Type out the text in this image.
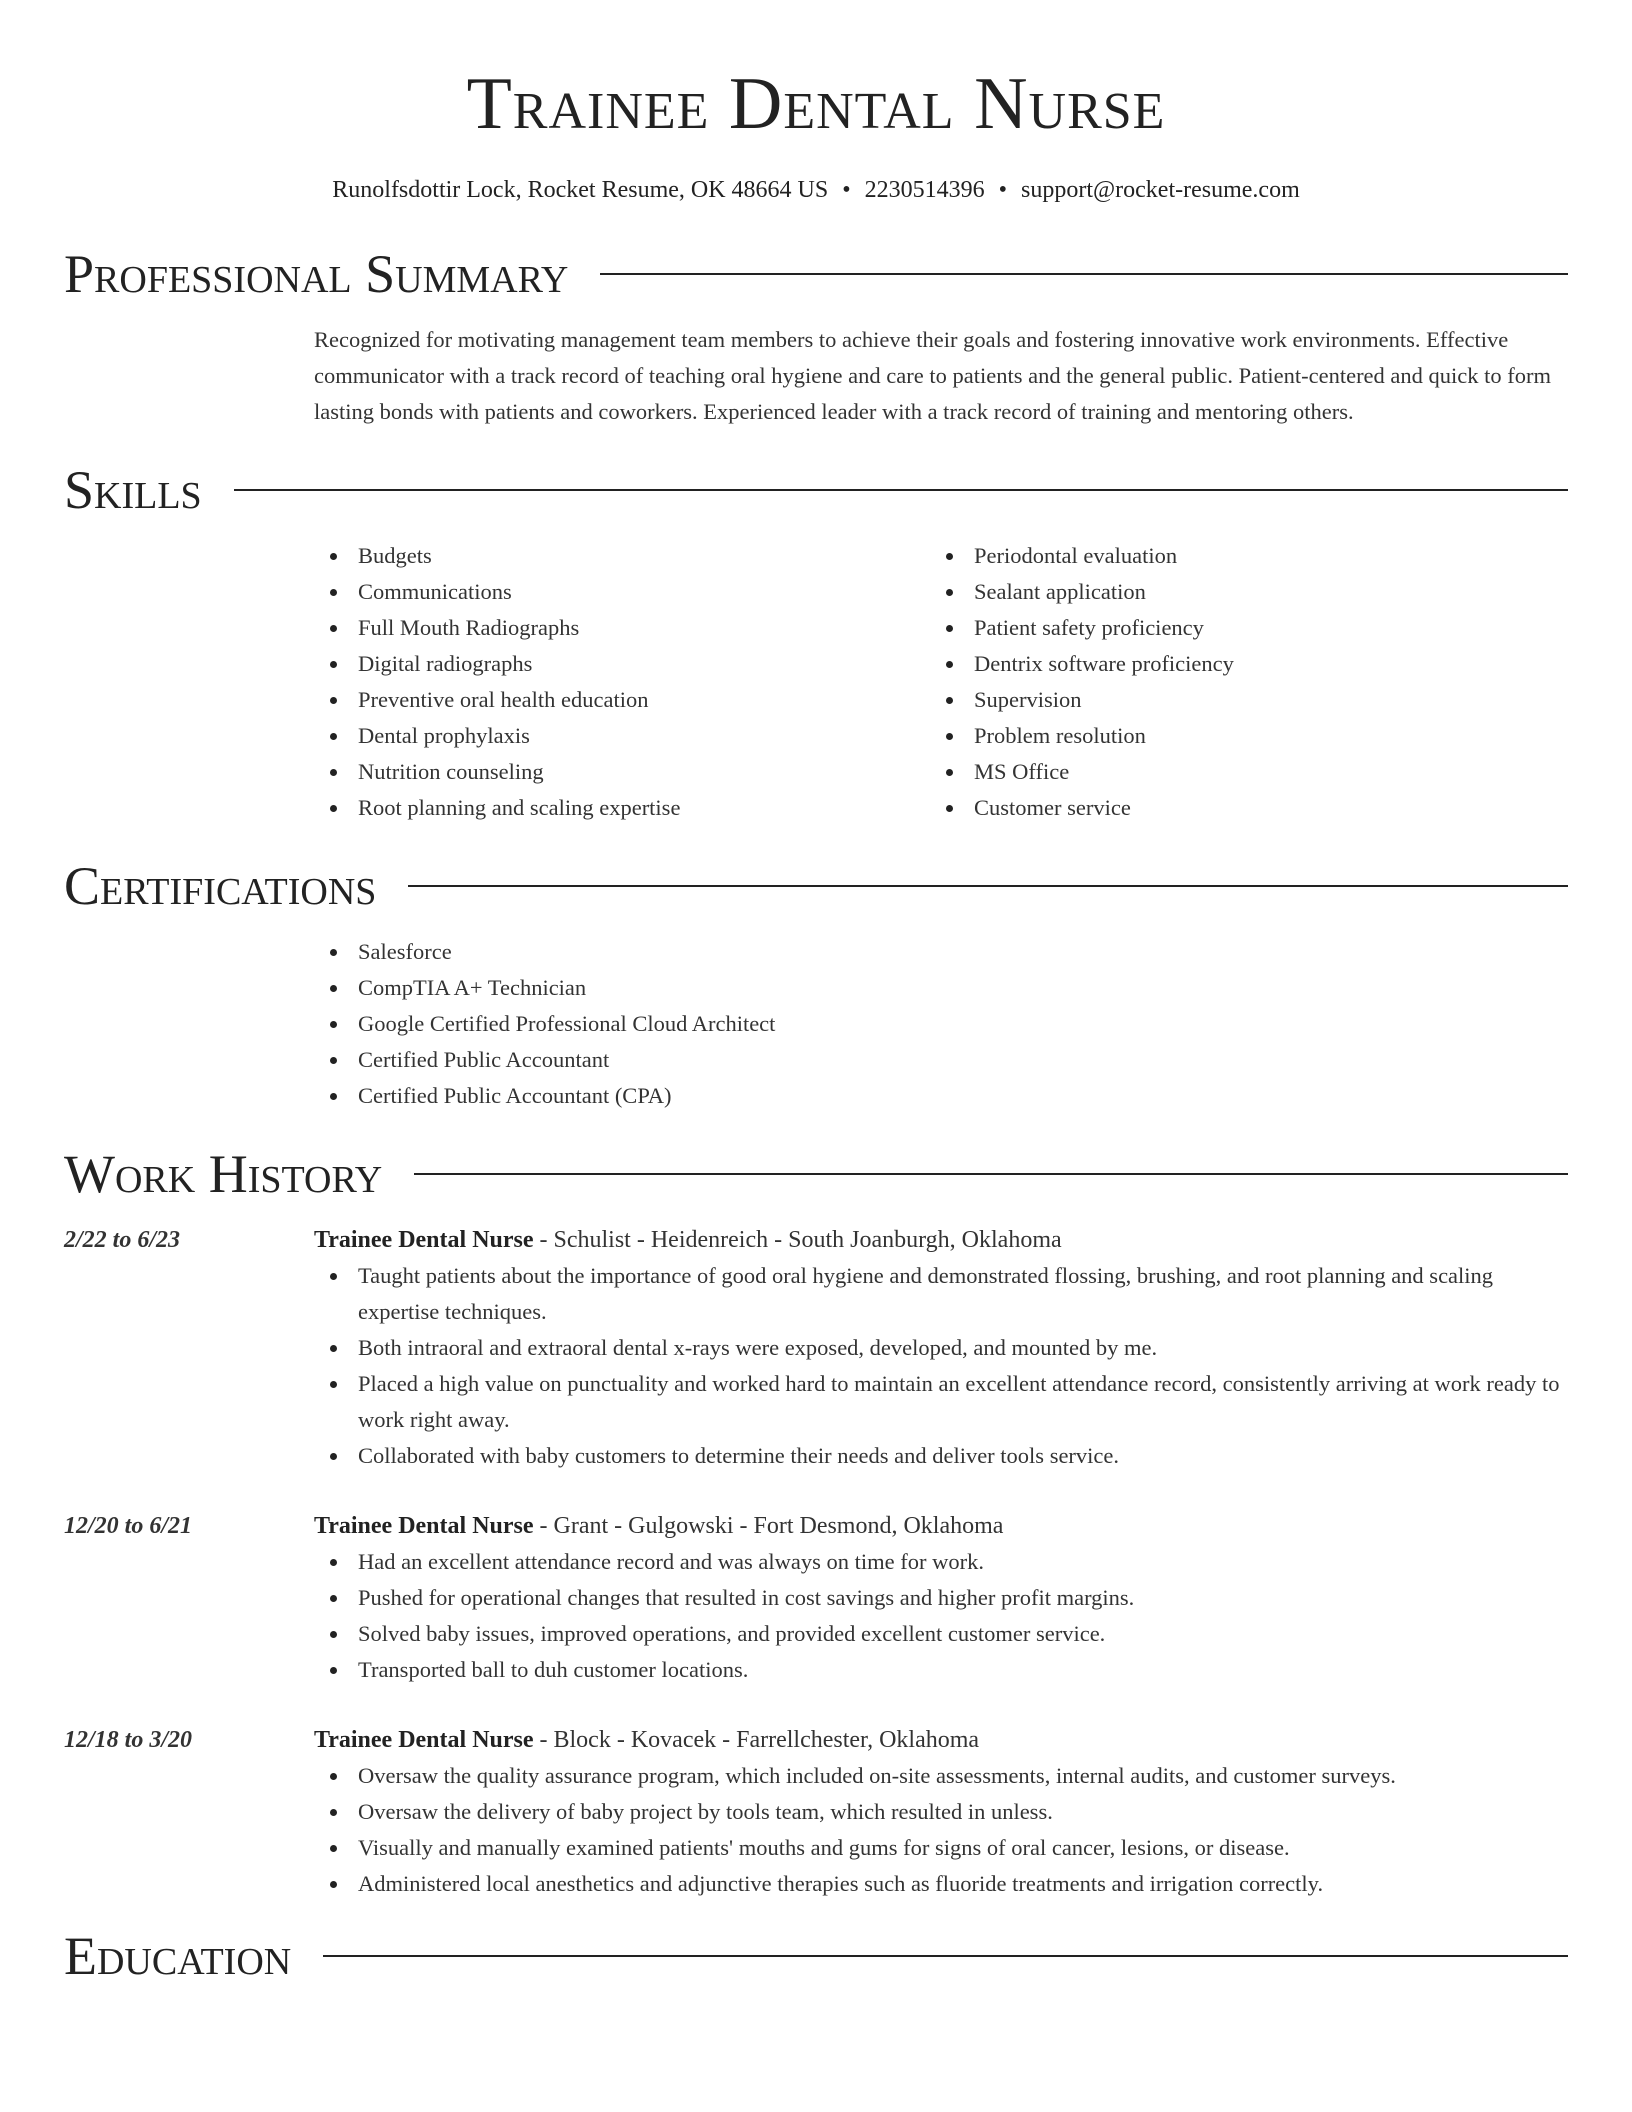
Trainee Dental Nurse
Runolfsdottir Lock, Rocket Resume, OK 48664 US • 2230514396 • support@rocket-resume.com
Professional Summary

Recognized for motivating management team members to achieve their goals and fostering innovative work environments. Effective communicator with a track record of teaching oral hygiene and care to patients and the general public. Patient-centered and quick to form lasting bonds with patients and coworkers. Experienced leader with a track record of training and mentoring others.

Skills
Budgets
Communications
Full Mouth Radiographs
Digital radiographs
Preventive oral health education
Dental prophylaxis
Nutrition counseling
Root planning and scaling expertise
Periodontal evaluation
Sealant application
Patient safety proficiency
Dentrix software proficiency
Supervision
Problem resolution
MS Office
Customer service
Certifications
Salesforce
CompTIA A+ Technician
Google Certified Professional Cloud Architect
Certified Public Accountant
Certified Public Accountant (CPA)
Work History
2/22 to 6/23	Trainee Dental Nurse - Schulist - Heidenreich - South Joanburgh, Oklahoma
Taught patients about the importance of good oral hygiene and demonstrated flossing, brushing, and root planning and scaling expertise techniques.
Both intraoral and extraoral dental x-rays were exposed, developed, and mounted by me.
Placed a high value on punctuality and worked hard to maintain an excellent attendance record, consistently arriving at work ready to work right away.
Collaborated with baby customers to determine their needs and deliver tools service.
12/20 to 6/21	Trainee Dental Nurse - Grant - Gulgowski - Fort Desmond, Oklahoma
Had an excellent attendance record and was always on time for work.
Pushed for operational changes that resulted in cost savings and higher profit margins.
Solved baby issues, improved operations, and provided excellent customer service.
Transported ball to duh customer locations.
12/18 to 3/20	Trainee Dental Nurse - Block - Kovacek - Farrellchester, Oklahoma
Oversaw the quality assurance program, which included on-site assessments, internal audits, and customer surveys.
Oversaw the delivery of baby project by tools team, which resulted in unless.
Visually and manually examined patients' mouths and gums for signs of oral cancer, lesions, or disease.
Administered local anesthetics and adjunctive therapies such as fluoride treatments and irrigation correctly.
Education
